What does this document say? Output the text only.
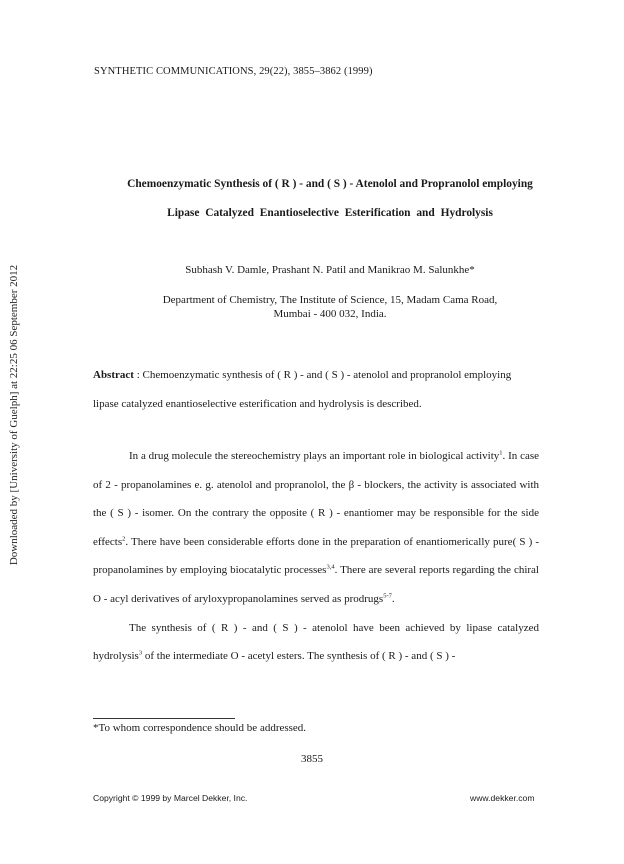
Downloaded by [University of Guelph] at 22:25 06 September 2012
SYNTHETIC COMMUNICATIONS, 29(22), 3855–3862 (1999)
Chemoenzymatic Synthesis of ( R ) - and ( S ) - Atenolol and Propranolol employing
Lipase Catalyzed Enantioselective Esterification and Hydrolysis
Subhash V. Damle, Prashant N. Patil and Manikrao M. Salunkhe*
Department of Chemistry, The Institute of Science, 15, Madam Cama Road,
Mumbai - 400 032, India.
Abstract : Chemoenzymatic synthesis of ( R ) - and ( S ) - atenolol and propranolol employing lipase catalyzed enantioselective esterification and hydrolysis is described.

In a drug molecule the stereochemistry plays an important role in biological activity$^1$. In case of 2 - propanolamines e. g. atenolol and propranolol, the β - blockers, the activity is associated with the ( S ) - isomer. On the contrary the opposite ( R ) - enantiomer may be responsible for the side effects$^2$. There have been considerable efforts done in the preparation of enantiomerically pure( S ) - propanolamines by employing biocatalytic processes$^{3,4}$. There are several reports regarding the chiral O - acyl derivatives of aryloxypropanolamines served as prodrugs$^{5-7}$.

The synthesis of ( R ) - and ( S ) - atenolol have been achieved by lipase catalyzed hydrolysis$^3$ of the intermediate O - acetyl esters. The synthesis of ( R ) - and ( S ) -

*To whom correspondence should be addressed.
3855
Copyright © 1999 by Marcel Dekker, Inc.	www.dekker.com
